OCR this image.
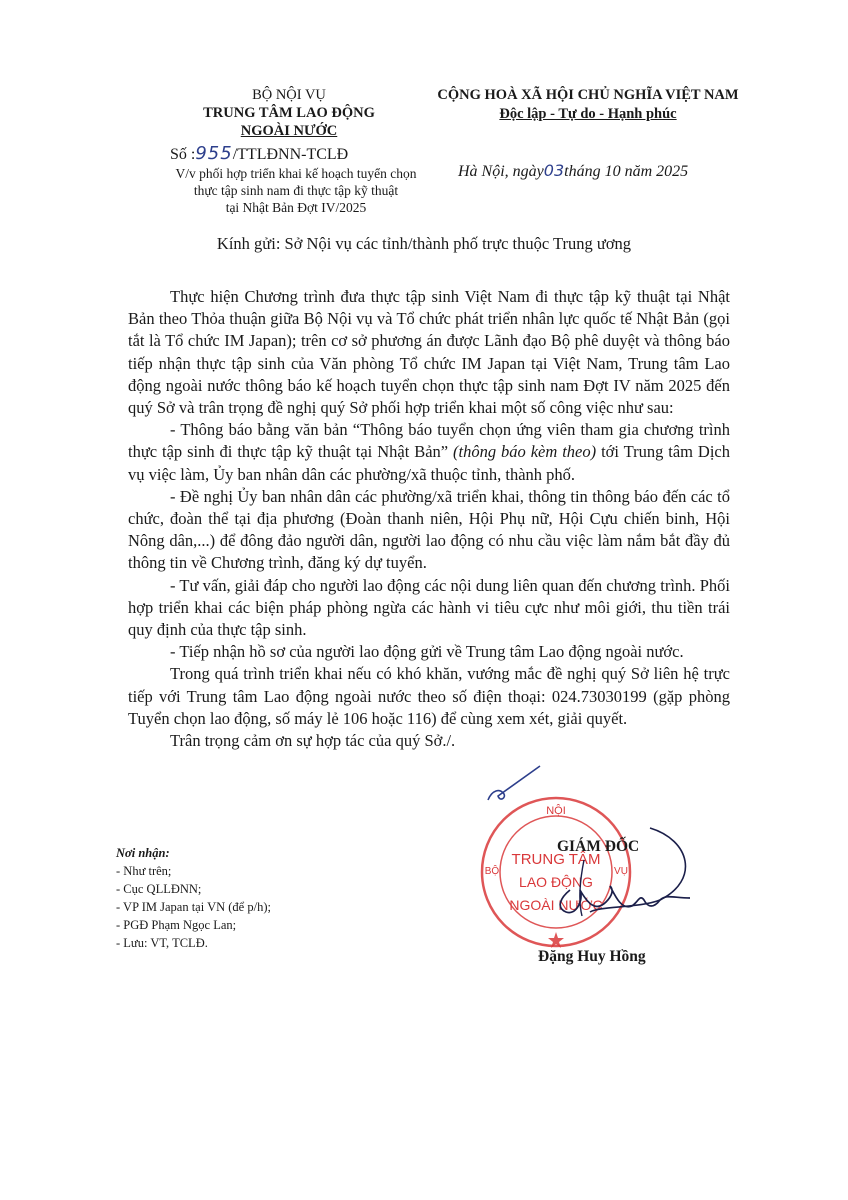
BỘ NỘI VỤ
TRUNG TÂM LAO ĐỘNG
NGOÀI NƯỚC
Số :955/TTLĐNN-TCLĐ
V/v phối hợp triển khai kế hoạch tuyển chọn
thực tập sinh nam đi thực tập kỹ thuật
tại Nhật Bản Đợt IV/2025
CỘNG HOÀ XÃ HỘI CHỦ NGHĨA VIỆT NAM
Độc lập - Tự do - Hạnh phúc
Hà Nội, ngày03tháng 10 năm 2025
Kính gửi: Sở Nội vụ các tỉnh/thành phố trực thuộc Trung ương

Thực hiện Chương trình đưa thực tập sinh Việt Nam đi thực tập kỹ thuật tại Nhật Bản theo Thỏa thuận giữa Bộ Nội vụ và Tổ chức phát triển nhân lực quốc tế Nhật Bản (gọi tắt là Tổ chức IM Japan); trên cơ sở phương án được Lãnh đạo Bộ phê duyệt và thông báo tiếp nhận thực tập sinh của Văn phòng Tổ chức IM Japan tại Việt Nam, Trung tâm Lao động ngoài nước thông báo kế hoạch tuyển chọn thực tập sinh nam Đợt IV năm 2025 đến quý Sở và trân trọng đề nghị quý Sở phối hợp triển khai một số công việc như sau:

- Thông báo bằng văn bản “Thông báo tuyển chọn ứng viên tham gia chương trình thực tập sinh đi thực tập kỹ thuật tại Nhật Bản” (thông báo kèm theo) tới Trung tâm Dịch vụ việc làm, Ủy ban nhân dân các phường/xã thuộc tỉnh, thành phố.

- Đề nghị Ủy ban nhân dân các phường/xã triển khai, thông tin thông báo đến các tổ chức, đoàn thể tại địa phương (Đoàn thanh niên, Hội Phụ nữ, Hội Cựu chiến binh, Hội Nông dân,...) để đông đảo người dân, người lao động có nhu cầu việc làm nắm bắt đầy đủ thông tin về Chương trình, đăng ký dự tuyển.

- Tư vấn, giải đáp cho người lao động các nội dung liên quan đến chương trình. Phối hợp triển khai các biện pháp phòng ngừa các hành vi tiêu cực như môi giới, thu tiền trái quy định của thực tập sinh.

- Tiếp nhận hồ sơ của người lao động gửi về Trung tâm Lao động ngoài nước.

Trong quá trình triển khai nếu có khó khăn, vướng mắc đề nghị quý Sở liên hệ trực tiếp với Trung tâm Lao động ngoài nước theo số điện thoại: 024.73030199 (gặp phòng Tuyển chọn lao động, số máy lẻ 106 hoặc 116) để cùng xem xét, giải quyết.

Trân trọng cảm ơn sự hợp tác của quý Sở./.

Nơi nhận:
- Như trên;
- Cục QLLĐNN;
- VP IM Japan tại VN (để p/h);
- PGĐ Phạm Ngọc Lan;
- Lưu: VT, TCLĐ.
NỘI
BỘ	VỤ
TRUNG TÂM
LAO ĐỘNG
NGOÀI NƯỚC
GIÁM ĐỐC
Đặng Huy Hồng
